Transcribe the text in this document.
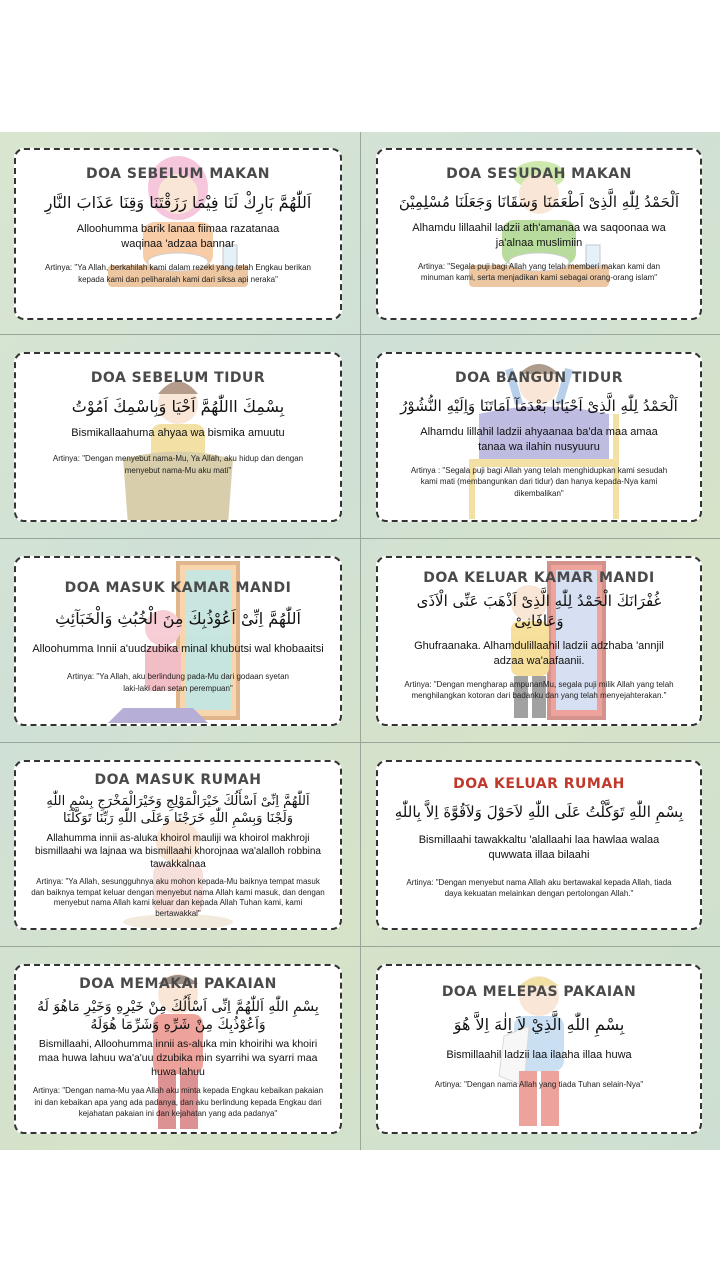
DOA SEBELUM MAKAN
اَللّٰهُمَّ بَارِكْ لَنَا فِيْمَا رَزَقْتَنَا وَقِنَا عَذَابَ النَّارِ
Alloohumma barik lanaa fiimaa razatanaa waqinaa 'adzaa bannar
Artinya: "Ya Allah, berkahilah kami dalam rezeki yang telah Engkau berikan kepada kami dan peliharalah kami dari siksa api neraka"
DOA SESUDAH MAKAN
اَلْحَمْدُ لِلّٰهِ الَّذِىْ اَطْعَمَنَا وَسَقَانَا وَجَعَلَنَا مُسْلِمِيْنَ
Alhamdu lillaahil ladzii ath'amanaa wa saqoonaa wa ja'alnaa muslimiin
Artinya: "Segala puji bagi Allah yang telah memberi makan kami dan minuman kami, serta menjadikan kami sebagai orang-orang islam"
DOA SEBELUM TIDUR
بِسْمِكَ االلّٰهُمَّ اَحْيَا وَبِاسْمِكَ اَمُوْتُ
Bismikallaahuma ahyaa wa bismika amuutu
Artinya: "Dengan menyebut nama-Mu, Ya Allah, aku hidup dan dengan menyebut nama-Mu aku mati"
DOA BANGUN TIDUR
اَلْحَمْدُ لِلّٰهِ الَّذِىْ اَحْيَانَا بَعْدَمَآ اَمَاتَنَا وَاِلَيْهِ النُّشُوْرُ
Alhamdu lillahil ladzii ahyaanaa ba'da maa amaa tanaa wa ilahin nusyuuru
Artinya : "Segala puji bagi Allah yang telah menghidupkan kami sesudah kami mati (membangunkan dari tidur) dan hanya kepada-Nya kami dikembalikan"
DOA MASUK KAMAR MANDI
اَللّٰهُمَّ اِنِّىْ اَعُوْذُبِكَ مِنَ الْخُبُثِ وَالْخَبَآئِثِ
Alloohumma Innii a'uudzubika minal khubutsi wal khobaaitsi
Artinya: "Ya Allah, aku berlindung pada-Mu dari godaan syetan laki-laki dan setan perempuan"
DOA KELUAR KAMAR MANDI
غُفْرَانَكَ الْحَمْدُ لِلّٰهِ الَّذِىْ اَذْهَبَ عَنِّى الْاَذَى وَعَافَانِىْ
Ghufraanaka. Alhamdulillaahil ladzii adzhaba 'annjil adzaa wa'aafaanii.
Artinya: "Dengan mengharap ampunanMu, segala puji milik Allah yang telah menghilangkan kotoran dari badanku dan yang telah menyejahterakan."
DOA MASUK RUMAH
اَللّٰهُمَّ اِنِّىْ اَسْأَلُكَ خَيْرَالْمَوْلِجِ وَخَيْرَالْمَخْرَجِ بِسْمِ اللّٰهِ وَلَجْنَا وَبِسْمِ اللّٰهِ خَرَجْنَا وَعَلَى اللّٰهِ رَبِّنَا تَوَكَّلْنَا
Allahumma innii as-aluka khoirol mauliji wa khoirol makhroji bismillaahi wa lajnaa wa bismillaahi khorojnaa wa'alalloh robbina tawakkalnaa
Artinya: "Ya Allah, sesungguhnya aku mohon kepada-Mu baiknya tempat masuk dan baiknya tempat keluar dengan menyebut nama Allah kami masuk, dan dengan menyebut nama Allah kami keluar dan kepada Allah Tuhan kami, kami bertawakkal"
DOA KELUAR RUMAH
بِسْمِ اللّٰهِ تَوَكَّلْتُ عَلَى اللّٰهِ لاَحَوْلَ وَلاَقُوَّةَ اِلاَّ بِاللّٰهِ
Bismillaahi tawakkaltu 'alallaahi laa hawlaa walaa quwwata illaa bilaahi
Artinya: "Dengan menyebut nama Allah aku bertawakal kepada Allah, tiada daya kekuatan melainkan dengan pertolongan Allah."
DOA MEMAKAI PAKAIAN
بِسْمِ اللّٰهِ اَللّٰهُمَّ اِنِّى اَسْأَلُكَ مِنْ خَيْرِهِ وَخَيْرِ مَاهُوَ لَهُ وَاَعُوْذُبِكَ مِنْ شَرِّهِ وَشَرِّمَا هُوَلَهُ
Bismillaahi, Alloohumma innii as-aluka min khoirihi wa khoiri maa huwa lahuu wa'a'uu dzubika min syarrihi wa syarri maa huwa lahuu
Artinya: "Dengan nama-Mu yaa Allah aku minta kepada Engkau kebaikan pakaian ini dan kebaikan apa yang ada padanya, dan aku berlindung kepada Engkau dari kejahatan pakaian ini dan kejahatan yang ada padanya"
DOA MELEPAS PAKAIAN
بِسْمِ اللّٰهِ الَّذِيْ لاَ اِلٰهَ اِلاَّ هُوَ
Bismillaahil ladzii laa ilaaha illaa huwa
Artinya: "Dengan nama Allah yang tiada Tuhan selain-Nya"
